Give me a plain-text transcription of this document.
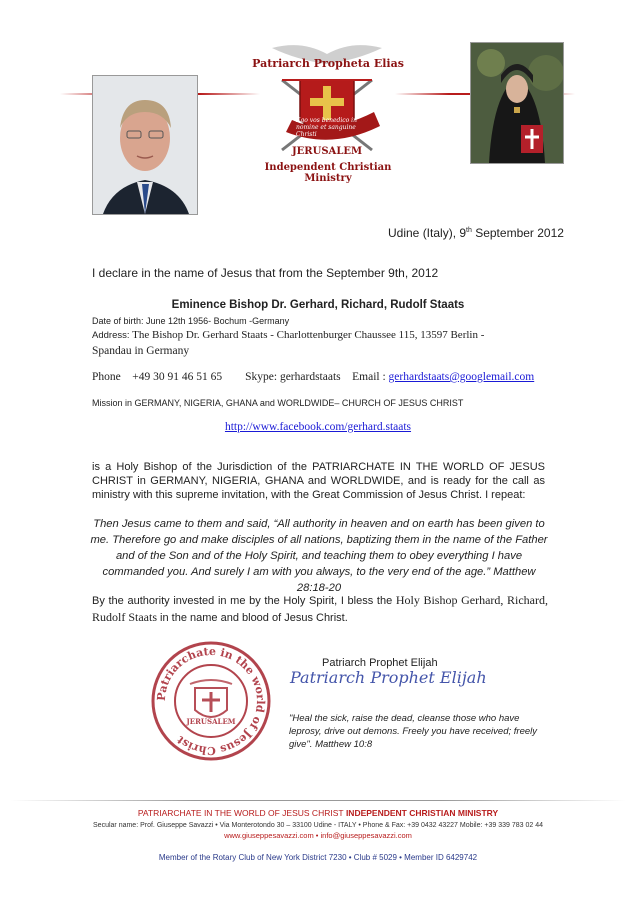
Patriarch Propheta Elias
Ego vos benedico in nomine et sanguine Christi
JERUSALEM
Independent Christian Ministry
Udine (Italy), 9th September 2012
I declare in the name of Jesus that from the September 9th, 2012
Eminence Bishop Dr. Gerhard, Richard, Rudolf Staats
Date of birth: June 12th 1956- Bochum -Germany
Address: The Bishop Dr. Gerhard Staats - Charlottenburger Chaussee 115, 13597 Berlin -
Spandau in Germany
Phone +49 30 91 46 51 65 Skype: gerhardstaats Email : gerhardstaats@googlemail.com
Mission in GERMANY, NIGERIA, GHANA and WORLDWIDE– CHURCH OF JESUS CHRIST
http://www.facebook.com/gerhard.staats
is a Holy Bishop of the Jurisdiction of the PATRIARCHATE IN THE WORLD OF JESUS CHRIST in GERMANY, NIGERIA, GHANA and WORLDWIDE, and is ready for the call as ministry with this supreme invitation, with the Great Commission of Jesus Christ. I repeat:
Then Jesus came to them and said, “All authority in heaven and on earth has been given to me. Therefore go and make disciples of all nations, baptizing them in the name of the Father and of the Son and of the Holy Spirit, and teaching them to obey everything I have commanded you. And surely I am with you always, to the very end of the age.” Matthew 28:18-20
By the authority invested in me by the Holy Spirit, I bless the Holy Bishop Gerhard, Richard, Rudolf Staats in the name and blood of Jesus Christ.
Patriarchate in the world of Jesus Christ
JERUSALEM
Patriarch Prophet Elijah
Patriarch Prophet Elijah
"Heal the sick, raise the dead, cleanse those who have leprosy, drive out demons. Freely you have received; freely give". Matthew 10:8
PATRIARCHATE IN THE WORLD OF JESUS CHRIST INDEPENDENT CHRISTIAN MINISTRY
Secular name: Prof. Giuseppe Savazzi • Via Monterotondo 30 – 33100 Udine - ITALY • Phone & Fax: +39 0432 43227 Mobile: +39 339 783 02 44
www.giuseppesavazzi.com • info@giuseppesavazzi.com
Member of the Rotary Club of New York District 7230 • Club # 5029 • Member ID 6429742
